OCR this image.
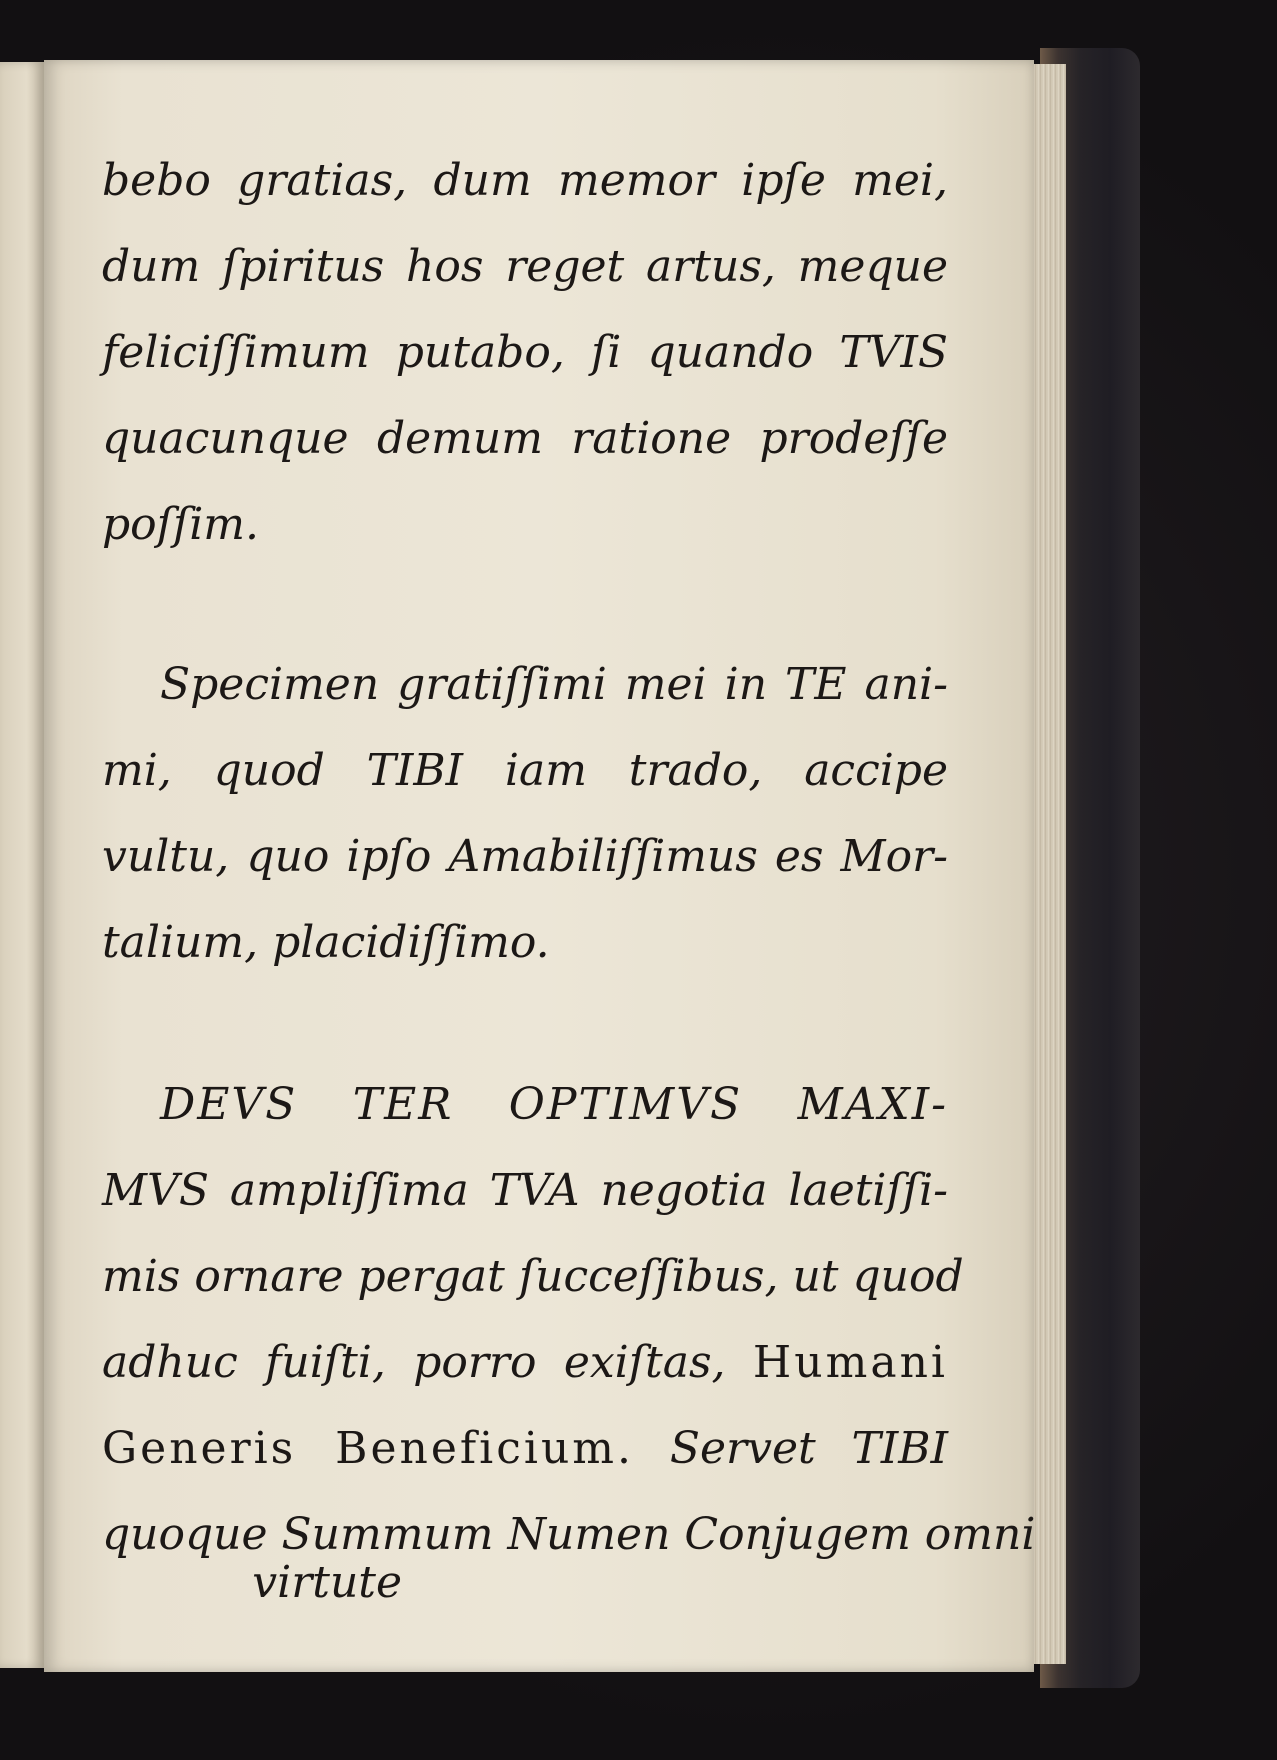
bebo gratias, dum memor ipſe mei,
dum ſpiritus hos reget artus, meque
feliciſſimum putabo, ſi quando TVIS
quacunque demum ratione prodeſſe
poſſim.
Specimen gratiſſimi mei in TE ani-
mi, quod TIBI iam trado, accipe
vultu, quo ipſo Amabiliſſimus es Mor-
talium, placidiſſimo.
DEVS TER OPTIMVS MAXI-
MVS ampliſſima TVA negotia laetiſſi-
mis ornare pergat ſucceſſibus, ut quod
adhuc fuiſti, porro exiſtas, Humani
Generis Beneficium. Servet TIBI
quoque Summum Numen Conjugem omni
virtute
